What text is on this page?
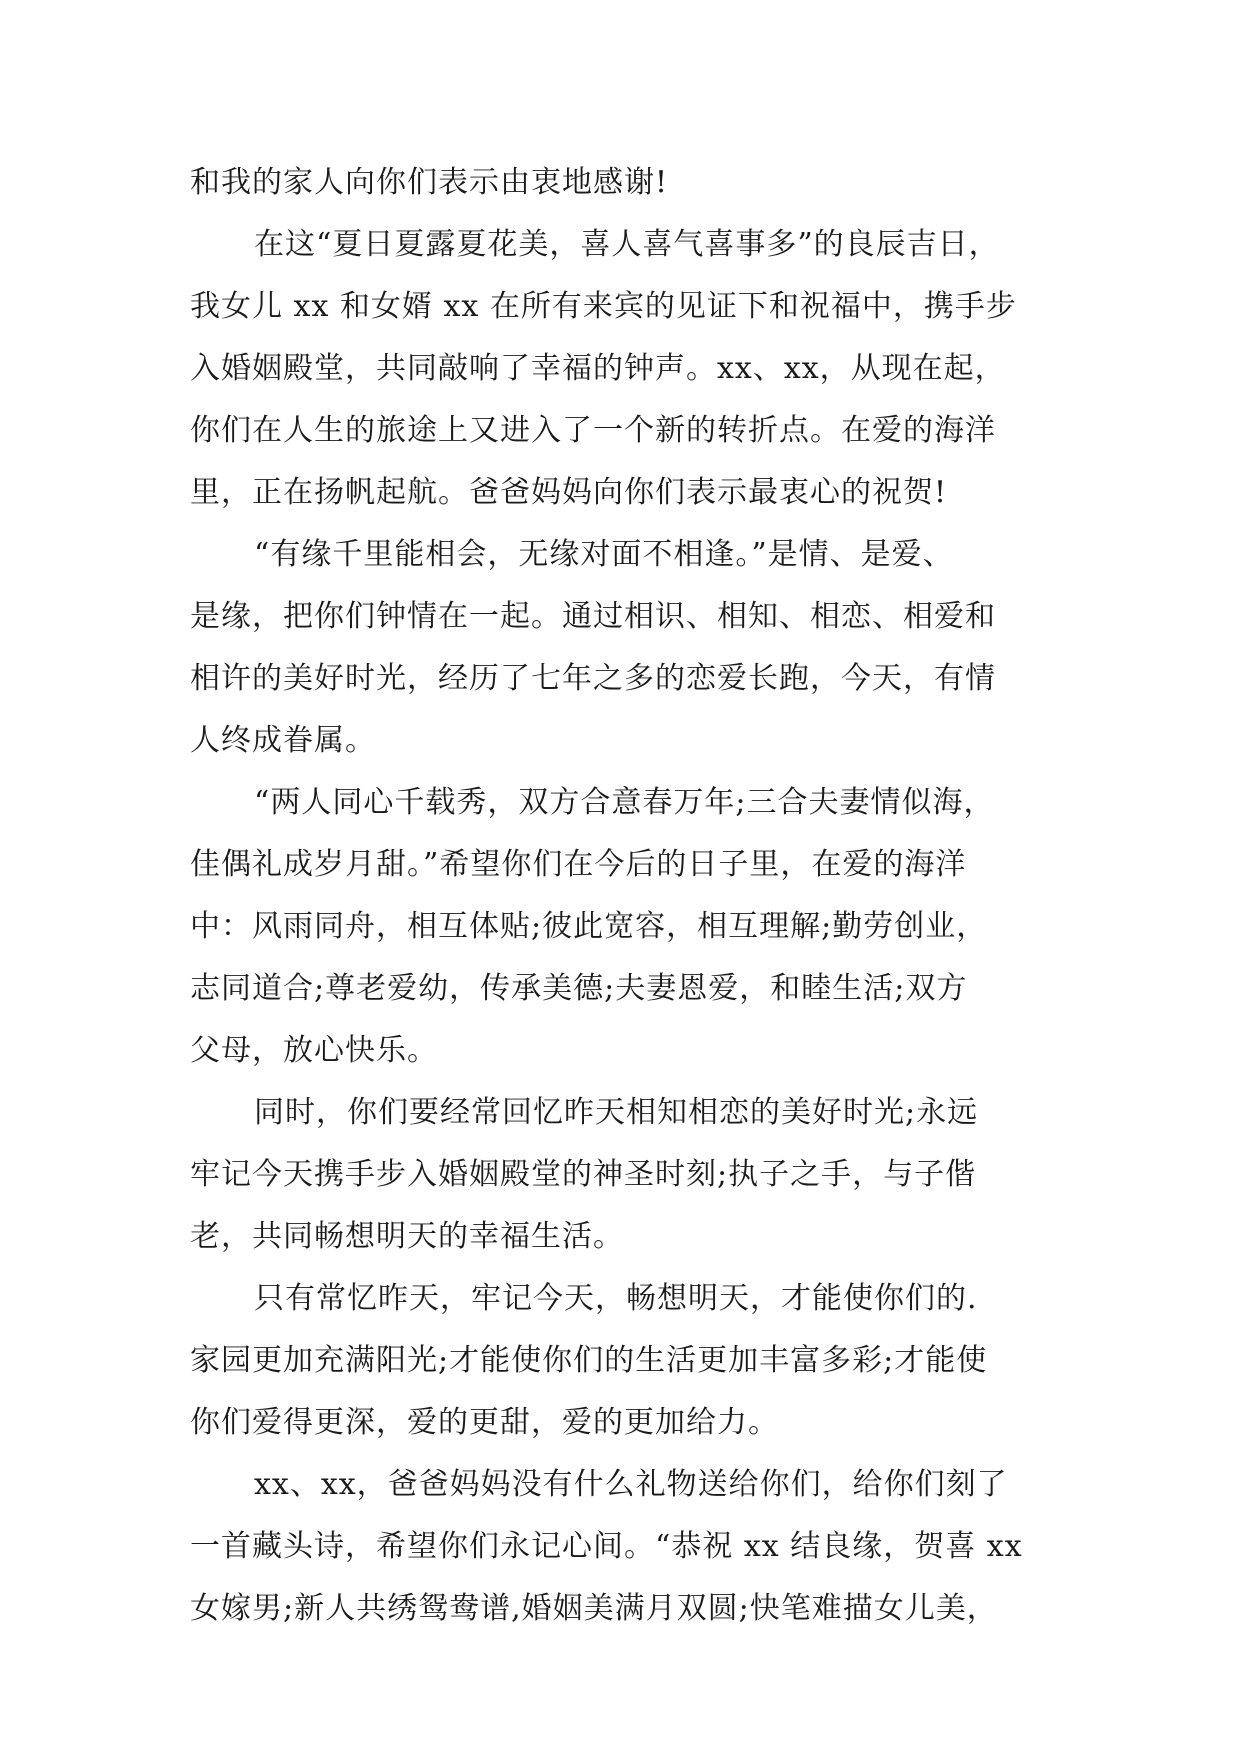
和我的家人向你们表示由衷地感谢!
在这“夏日夏露夏花美，喜人喜气喜事多”的良辰吉日，
我女儿 xx 和女婿 xx 在所有来宾的见证下和祝福中，携手步
入婚姻殿堂，共同敲响了幸福的钟声。xx、xx，从现在起，
你们在人生的旅途上又进入了一个新的转折点。在爱的海洋
里，正在扬帆起航。爸爸妈妈向你们表示最衷心的祝贺!
“有缘千里能相会，无缘对面不相逢。”是情、是爱、
是缘，把你们钟情在一起。通过相识、相知、相恋、相爱和
相许的美好时光，经历了七年之多的恋爱长跑，今天，有情
人终成眷属。
“两人同心千载秀，双方合意春万年;三合夫妻情似海，
佳偶礼成岁月甜。”希望你们在今后的日子里，在爱的海洋
中：风雨同舟，相互体贴;彼此宽容，相互理解;勤劳创业，
志同道合;尊老爱幼，传承美德;夫妻恩爱，和睦生活;双方
父母，放心快乐。
同时，你们要经常回忆昨天相知相恋的美好时光;永远
牢记今天携手步入婚姻殿堂的神圣时刻;执子之手，与子偕
老，共同畅想明天的幸福生活。
只有常忆昨天，牢记今天，畅想明天，才能使你们的.
家园更加充满阳光;才能使你们的生活更加丰富多彩;才能使
你们爱得更深，爱的更甜，爱的更加给力。
xx、xx，爸爸妈妈没有什么礼物送给你们，给你们刻了
一首藏头诗，希望你们永记心间。“恭祝 xx 结良缘，贺喜 xx
女嫁男;新人共绣鸳鸯谱,婚姻美满月双圆;快笔难描女儿美，
